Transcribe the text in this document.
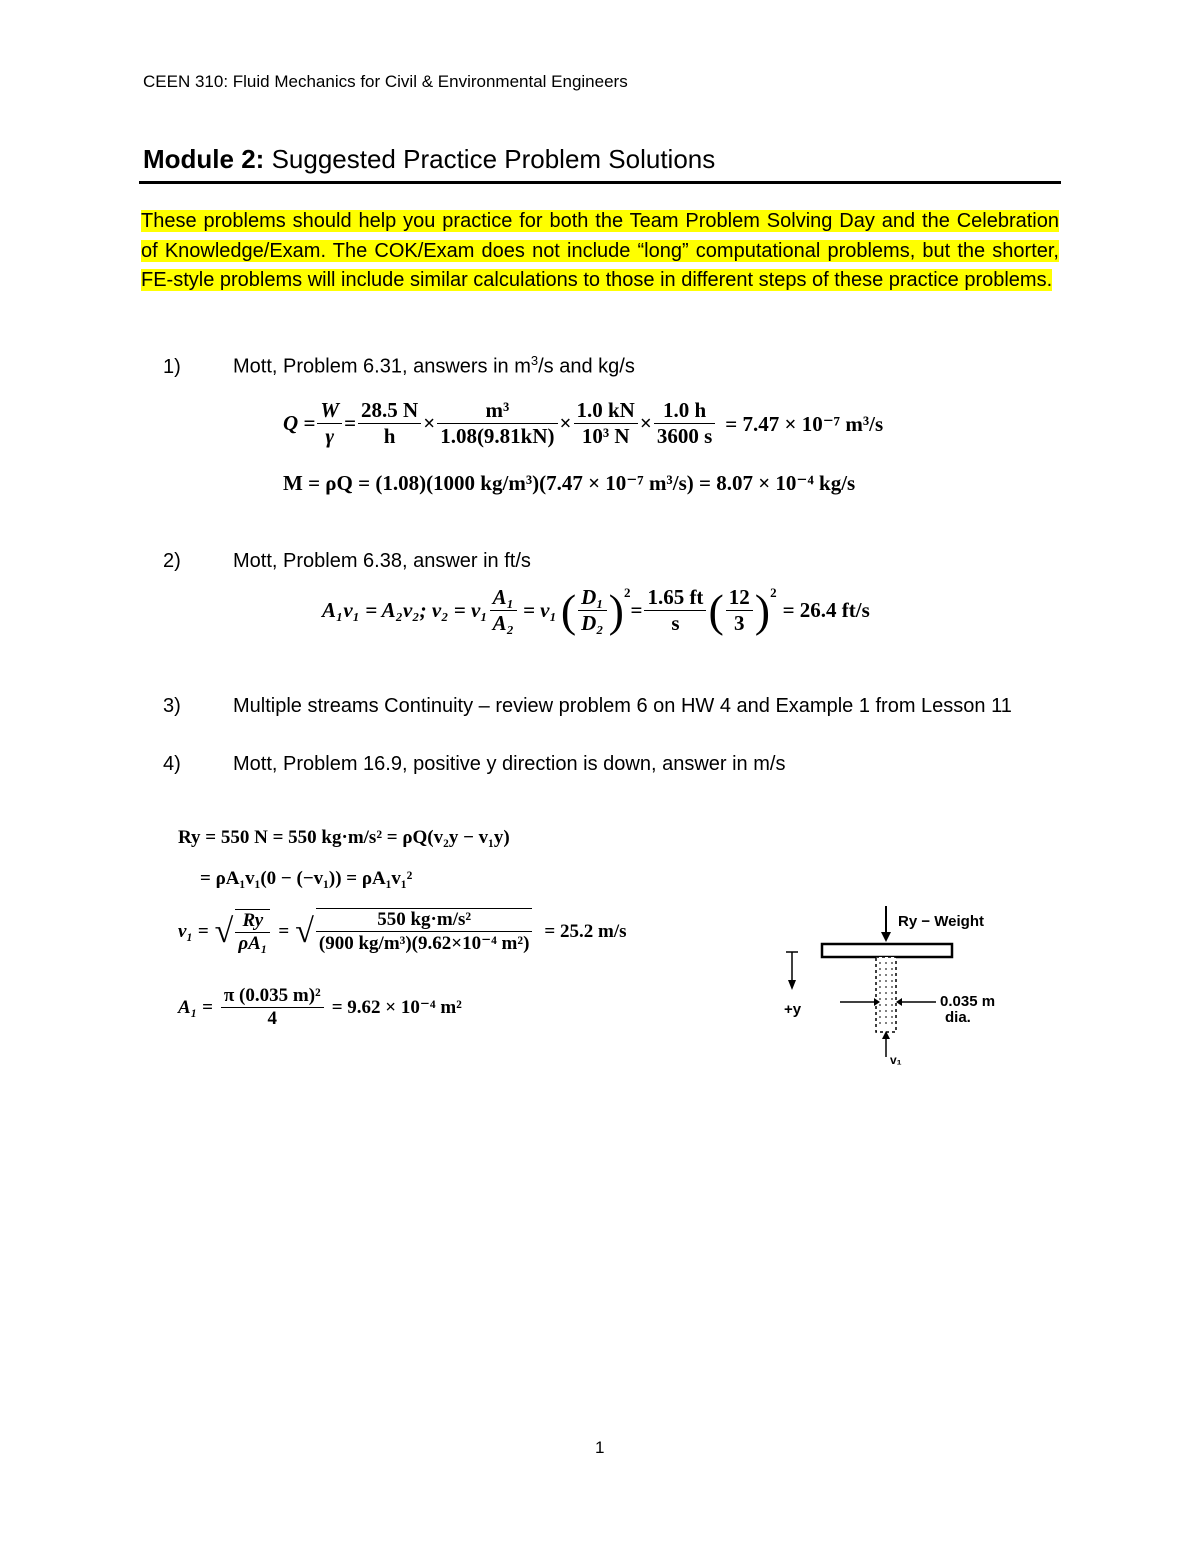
CEEN 310: Fluid Mechanics for Civil & Environmental Engineers
Module 2: Suggested Practice Problem Solutions
These problems should help you practice for both the Team Problem Solving Day and the Celebration of Knowledge/Exam. The COK/Exam does not include “long” computational problems, but the shorter, FE-style problems will include similar calculations to those in different steps of these practice problems.
1)	Mott, Problem 6.31, answers in $m^3/s$ and kg/s
$Q = \frac{W}{\gamma} = \frac{28.5 N}{h} \times \frac{\text{m³}}{1.08(9.81kN)} \times \frac{1.0 kN}{\text{10³ N}} \times \frac{1.0 h}{3600 s} = 7.47 \times 10^{-7}$ m³/s
M = ρQ = (1.08)(1000 kg/m³)(7.47 × 10⁻⁷ m³/s) = 8.07 × 10⁻⁴ kg/s
2)	Mott, Problem 6.38, answer in ft/s
A₁v₁ = A₂v₂; $v_2 = v_1 \frac{\text{A₁}}{\text{A₂}} = v_1$ ( $\frac{\text{D₁}}{\text{D₂}}$ ) 2
= $\frac{1.65 ft}{s}$ ( $\frac{12}{3}$ ) 2
= 26.4 ft/s
3)	Multiple streams Continuity – review problem 6 on HW 4 and Example 1 from Lesson 11
4)	Mott, Problem 16.9, positive y direction is down, answer in m/s
Ry = 550 N = 550 kg·m/s² = ρQ(v₂y − v₁y)
= ρA₁v₁(0 − (−v₁)) = ρA₁v₁²
v₁ = √ $\frac{Ry}{\text{ρA₁}}$ = √ $\frac{\text{550 kg·m/s²}}{\text{(900 kg/m³)(9.62×10⁻⁴ m²)}} = 25.2$ m/s
$A_1 = \frac{\text{π (0.035 m)²}}{4} = 9.62 \times 10^{-4}$ m²
Ry − Weight
+y	0.035 m
dia.
v₁
1
